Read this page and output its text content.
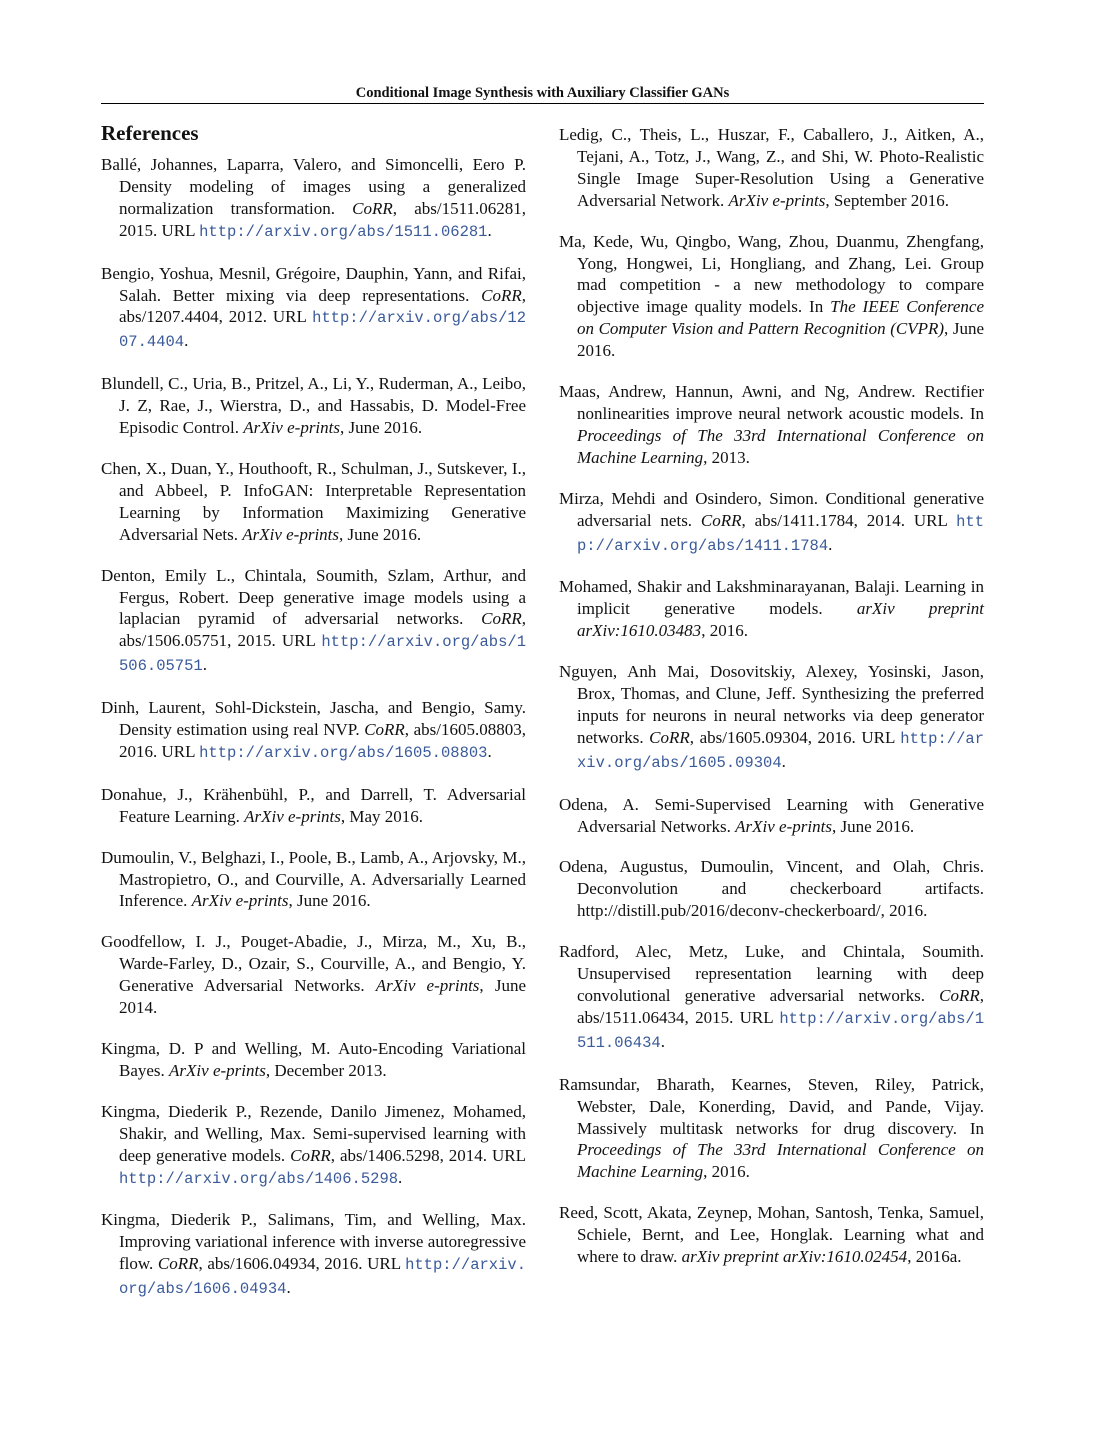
Conditional Image Synthesis with Auxiliary Classifier GANs
References

Ballé, Johannes, Laparra, Valero, and Simoncelli, Eero P. Density modeling of images using a generalized normalization transformation. CoRR, abs/1511.06281, 2015. URL http://arxiv.org/abs/1511.06281.

Bengio, Yoshua, Mesnil, Grégoire, Dauphin, Yann, and Rifai, Salah. Better mixing via deep representations. CoRR, abs/1207.4404, 2012. URL http://arxiv.org/abs/1207.4404.

Blundell, C., Uria, B., Pritzel, A., Li, Y., Ruderman, A., Leibo, J. Z, Rae, J., Wierstra, D., and Hassabis, D. Model-Free Episodic Control. ArXiv e-prints, June 2016.

Chen, X., Duan, Y., Houthooft, R., Schulman, J., Sutskever, I., and Abbeel, P. InfoGAN: Interpretable Representation Learning by Information Maximizing Generative Adversarial Nets. ArXiv e-prints, June 2016.

Denton, Emily L., Chintala, Soumith, Szlam, Arthur, and Fergus, Robert. Deep generative image models using a laplacian pyramid of adversarial networks. CoRR, abs/1506.05751, 2015. URL http://arxiv.org/abs/1506.05751.

Dinh, Laurent, Sohl-Dickstein, Jascha, and Bengio, Samy. Density estimation using real NVP. CoRR, abs/1605.08803, 2016. URL http://arxiv.org/abs/1605.08803.

Donahue, J., Krähenbühl, P., and Darrell, T. Adversarial Feature Learning. ArXiv e-prints, May 2016.

Dumoulin, V., Belghazi, I., Poole, B., Lamb, A., Arjovsky, M., Mastropietro, O., and Courville, A. Adversarially Learned Inference. ArXiv e-prints, June 2016.

Goodfellow, I. J., Pouget-Abadie, J., Mirza, M., Xu, B., Warde-Farley, D., Ozair, S., Courville, A., and Bengio, Y. Generative Adversarial Networks. ArXiv e-prints, June 2014.

Kingma, D. P and Welling, M. Auto-Encoding Variational Bayes. ArXiv e-prints, December 2013.

Kingma, Diederik P., Rezende, Danilo Jimenez, Mohamed, Shakir, and Welling, Max. Semi-supervised learning with deep generative models. CoRR, abs/1406.5298, 2014. URL http://arxiv.org/abs/1406.5298.

Kingma, Diederik P., Salimans, Tim, and Welling, Max. Improving variational inference with inverse autoregressive flow. CoRR, abs/1606.04934, 2016. URL http://arxiv.org/abs/1606.04934.

Ledig, C., Theis, L., Huszar, F., Caballero, J., Aitken, A., Tejani, A., Totz, J., Wang, Z., and Shi, W. Photo-Realistic Single Image Super-Resolution Using a Generative Adversarial Network. ArXiv e-prints, September 2016.

Ma, Kede, Wu, Qingbo, Wang, Zhou, Duanmu, Zhengfang, Yong, Hongwei, Li, Hongliang, and Zhang, Lei. Group mad competition - a new methodology to compare objective image quality models. In The IEEE Conference on Computer Vision and Pattern Recognition (CVPR), June 2016.

Maas, Andrew, Hannun, Awni, and Ng, Andrew. Rectifier nonlinearities improve neural network acoustic models. In Proceedings of The 33rd International Conference on Machine Learning, 2013.

Mirza, Mehdi and Osindero, Simon. Conditional generative adversarial nets. CoRR, abs/1411.1784, 2014. URL http://arxiv.org/abs/1411.1784.

Mohamed, Shakir and Lakshminarayanan, Balaji. Learning in implicit generative models. arXiv preprint arXiv:1610.03483, 2016.

Nguyen, Anh Mai, Dosovitskiy, Alexey, Yosinski, Jason, Brox, Thomas, and Clune, Jeff. Synthesizing the preferred inputs for neurons in neural networks via deep generator networks. CoRR, abs/1605.09304, 2016. URL http://arxiv.org/abs/1605.09304.

Odena, A. Semi-Supervised Learning with Generative Adversarial Networks. ArXiv e-prints, June 2016.

Odena, Augustus, Dumoulin, Vincent, and Olah, Chris. Deconvolution and checkerboard artifacts. http://distill.pub/2016/deconv-checkerboard/, 2016.

Radford, Alec, Metz, Luke, and Chintala, Soumith. Unsupervised representation learning with deep convolutional generative adversarial networks. CoRR, abs/1511.06434, 2015. URL http://arxiv.org/abs/1511.06434.

Ramsundar, Bharath, Kearnes, Steven, Riley, Patrick, Webster, Dale, Konerding, David, and Pande, Vijay. Massively multitask networks for drug discovery. In Proceedings of The 33rd International Conference on Machine Learning, 2016.

Reed, Scott, Akata, Zeynep, Mohan, Santosh, Tenka, Samuel, Schiele, Bernt, and Lee, Honglak. Learning what and where to draw. arXiv preprint arXiv:1610.02454, 2016a.
